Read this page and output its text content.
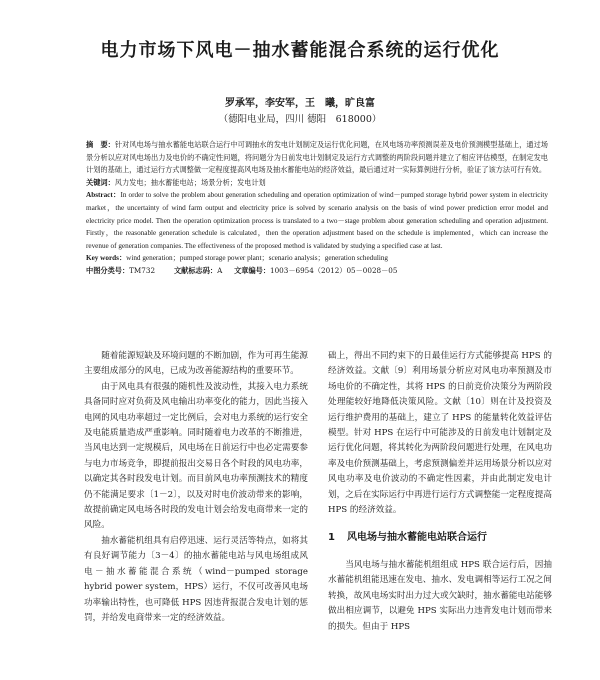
电力市场下风电－抽水蓄能混合系统的运行优化
罗承军，李安军，王　曦，旷良富
（德阳电业局，四川 德阳　618000）

摘　要：针对风电场与抽水蓄能电站联合运行中可调抽水的发电计划制定及运行优化问题，在风电场功率预测误差及电价预测模型基础上，通过场景分析以应对风电场出力及电价的不确定性问题，将问题分为日前发电计划制定及运行方式调整的两阶段问题并建立了相应评估模型，在制定发电计划的基础上，通过运行方式调整做一定程度提高风电场及抽水蓄能电站的经济效益，最后通过对一实际算例进行分析，验证了该方法可行有效。

关键词：风力发电；抽水蓄能电站；场景分析；发电计划

Abstract：In order to solve the problem about generation scheduling and operation optimization of wind－pumped storage hybrid power system in electricity market，the uncertainty of wind farm output and electricity price is solved by scenario analysis on the basis of wind power prediction error model and electricity price model. Then the operation optimization process is translated to a two－stage problem about generation scheduling and operation adjustment. Firstly，the reasonable generation schedule is calculated，then the operation adjustment based on the schedule is implemented，which can increase the revenue of generation companies. The effectiveness of the proposed method is validated by studying a specified case at last.

Key words：wind generation；pumped storage power plant；scenario analysis；generation scheduling

中图分类号：TM732   	文献标志码：A   文章编号：1003－6954（2012）05－0028－05

随着能源短缺及环境问题的不断加剧，作为可再生能源主要组成部分的风电，已成为改善能源结构的重要环节。

由于风电具有很强的随机性及波动性，其接入电力系统具备同时应对负荷及风电输出功率变化的能力，因此当接入电网的风电功率超过一定比例后，会对电力系统的运行安全及电能质量造成严重影响。同时随着电力改革的不断推进，当风电达到一定规模后，风电场在日前运行中也必定需要参与电力市场竞争，即提前报出交易日各个时段的风电功率，以确定其各时段发电计划。而目前风电功率预测技术的精度仍不能满足要求〔1－2〕，以及对时电价波动带来的影响，故提前确定风电场各时段的发电计划会给发电商带来一定的风险。

抽水蓄能机组具有启停迅速、运行灵活等特点，如将其有良好调节能力〔3－4〕的抽水蓄能电站与风电场组成风电－抽水蓄能混合系统（wind－pumped storage hybrid power system，HPS）运行，不仅可改善风电场功率输出特性，也可降低 HPS 因违背报混合发电计划的惩罚，并给发电商带来一定的经济效益。

础上，得出不同约束下的日最佳运行方式能够提高 HPS 的经济效益。文献〔9〕利用场景分析应对风电功率预测及市场电价的不确定性，其将 HPS 的日前竞价决策分为两阶段处理能较好地降低决策风险。文献〔10〕则在计及投资及运行维护费用的基础上，建立了 HPS 的能量转化效益评估模型。针对 HPS 在运行中可能涉及的日前发电计划制定及运行优化问题，将其转化为两阶段问题进行处理，在风电功率及电价预测基础上，考虑预测偏差并运用场景分析以应对风电功率及电价波动的不确定性因素，并由此制定发电计划，之后在实际运行中再进行运行方式调整能一定程度提高 HPS 的经济效益。

1 风电场与抽水蓄能电站联合运行

当风电场与抽水蓄能机组组成 HPS 联合运行后，因抽水蓄能机组能迅速在发电、抽水、发电调相等运行工况之间转换，故风电场实时出力过大或欠缺时，抽水蓄能电站能够做出相应调节，以避免 HPS 实际出力违背发电计划而带来的损失。但由于 HPS
